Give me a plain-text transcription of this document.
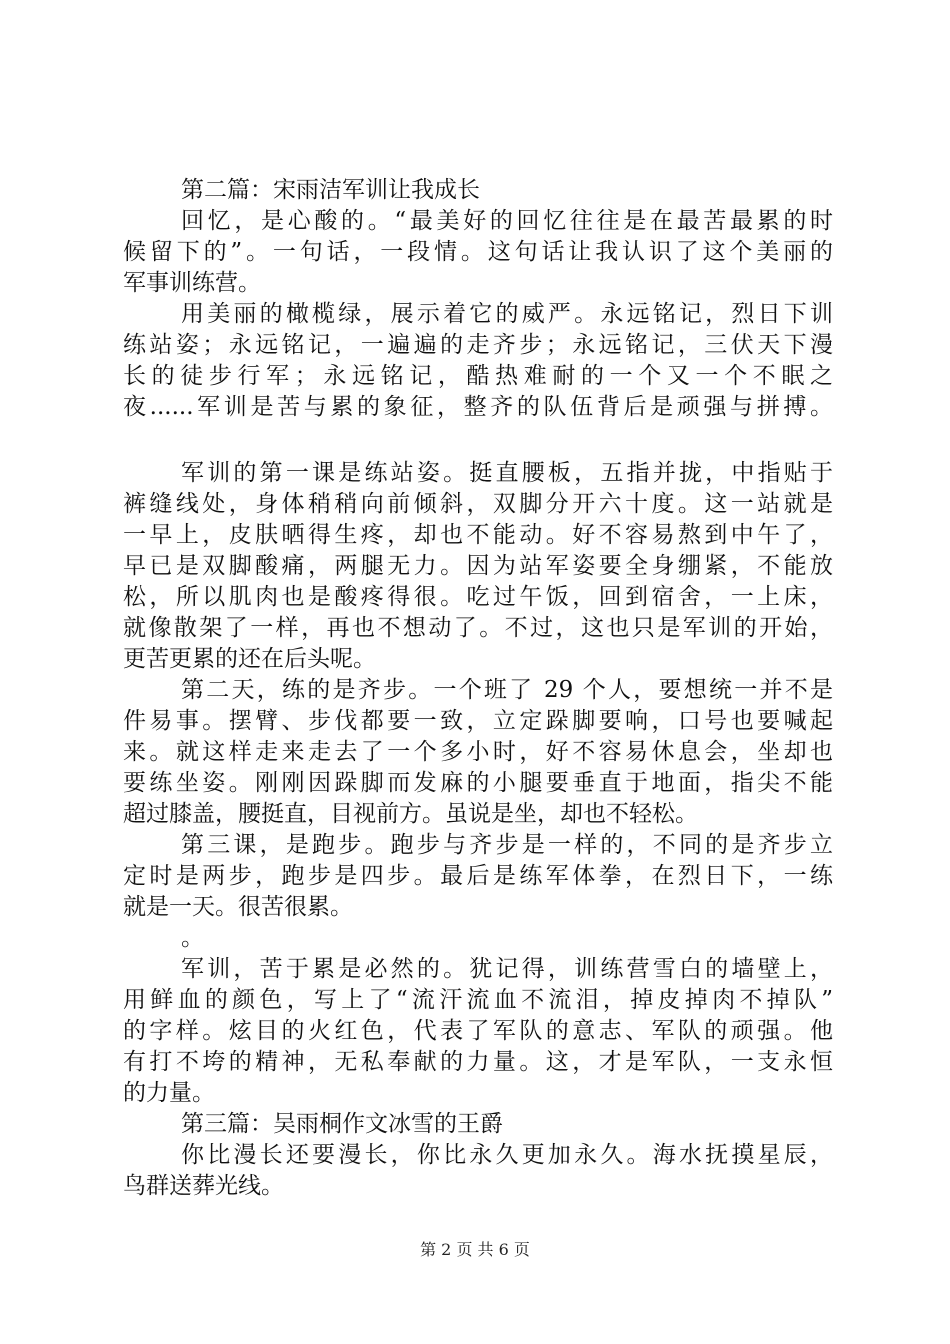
第二篇：宋雨洁军训让我成长
回忆，是心酸的。“最美好的回忆往往是在最苦最累的时
候留下的”。一句话，一段情。这句话让我认识了这个美丽的
军事训练营。
用美丽的橄榄绿，展示着它的威严。永远铭记，烈日下训
练站姿；永远铭记，一遍遍的走齐步；永远铭记，三伏天下漫
长的徒步行军；永远铭记，酷热难耐的一个又一个不眠之
夜......军训是苦与累的象征，整齐的队伍背后是顽强与拼搏。
军训的第一课是练站姿。挺直腰板，五指并拢，中指贴于
裤缝线处，身体稍稍向前倾斜，双脚分开六十度。这一站就是
一早上，皮肤晒得生疼，却也不能动。好不容易熬到中午了，
早已是双脚酸痛，两腿无力。因为站军姿要全身绷紧，不能放
松，所以肌肉也是酸疼得很。吃过午饭，回到宿舍，一上床，
就像散架了一样，再也不想动了。不过，这也只是军训的开始，
更苦更累的还在后头呢。
第二天，练的是齐步。一个班了 29 个人，要想统一并不是
件易事。摆臂、步伐都要一致，立定跺脚要响，口号也要喊起
来。就这样走来走去了一个多小时，好不容易休息会，坐却也
要练坐姿。刚刚因跺脚而发麻的小腿要垂直于地面，指尖不能
超过膝盖，腰挺直，目视前方。虽说是坐，却也不轻松。
第三课，是跑步。跑步与齐步是一样的，不同的是齐步立
定时是两步，跑步是四步。最后是练军体拳，在烈日下，一练
就是一天。很苦很累。
。
军训，苦于累是必然的。犹记得，训练营雪白的墙壁上，
用鲜血的颜色，写上了“流汗流血不流泪，掉皮掉肉不掉队”
的字样。炫目的火红色，代表了军队的意志、军队的顽强。他
有打不垮的精神，无私奉献的力量。这，才是军队，一支永恒
的力量。
第三篇：吴雨桐作文冰雪的王爵
你比漫长还要漫长，你比永久更加永久。海水抚摸星辰，
鸟群送葬光线。
第 2 页 共 6 页
